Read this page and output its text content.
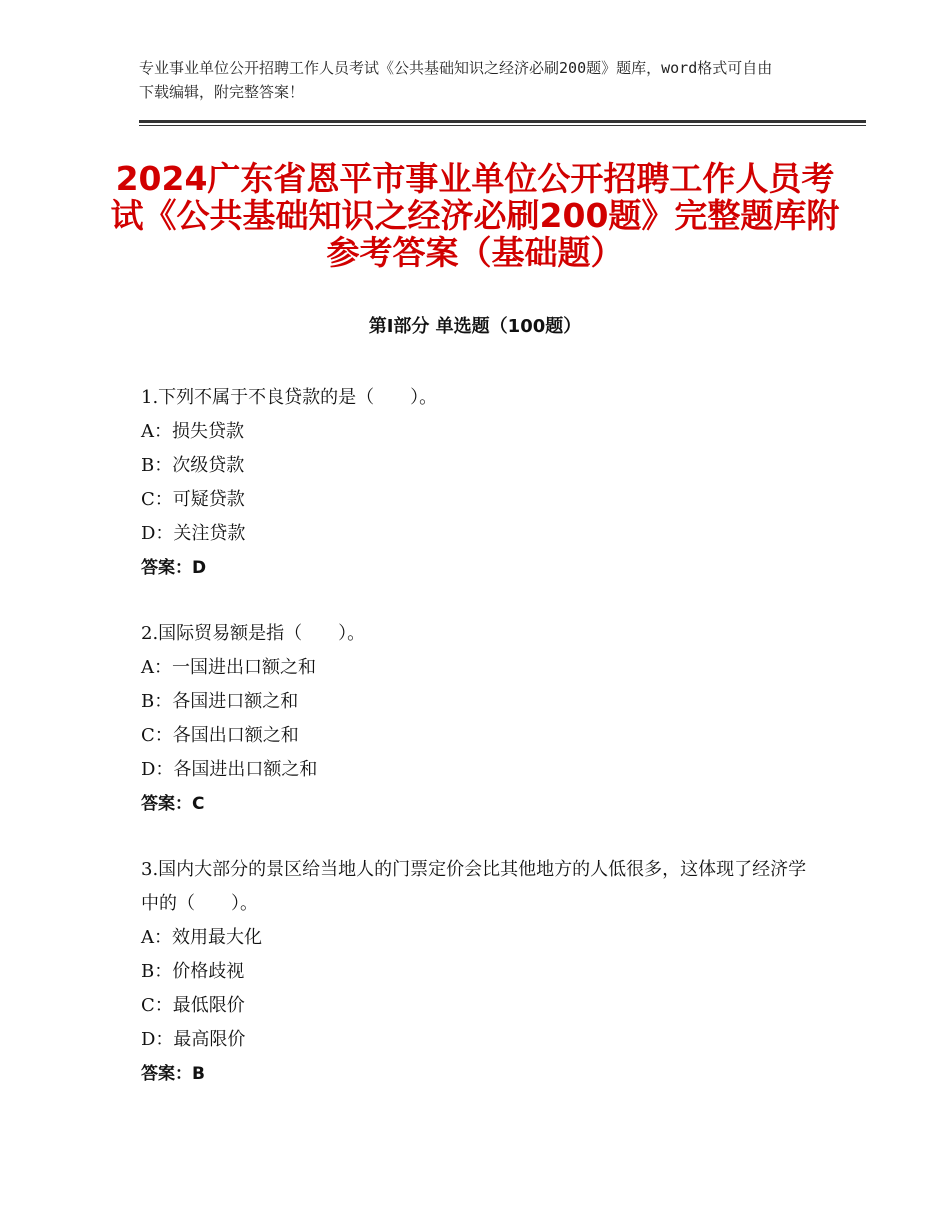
专业事业单位公开招聘工作人员考试《公共基础知识之经济必刷200题》题库，word格式可自由下载编辑，附完整答案！
2024广东省恩平市事业单位公开招聘工作人员考试《公共基础知识之经济必刷200题》完整题库附参考答案（基础题）
第Ⅰ部分 单选题（100题）

1.下列不属于不良贷款的是（　　）。

A：损失贷款

B：次级贷款

C：可疑贷款

D：关注贷款

答案：D

2.国际贸易额是指（　　）。

A：一国进出口额之和

B：各国进口额之和

C：各国出口额之和

D：各国进出口额之和

答案：C

3.国内大部分的景区给当地人的门票定价会比其他地方的人低很多，这体现了经济学中的（　　）。

A：效用最大化

B：价格歧视

C：最低限价

D：最高限价

答案：B
